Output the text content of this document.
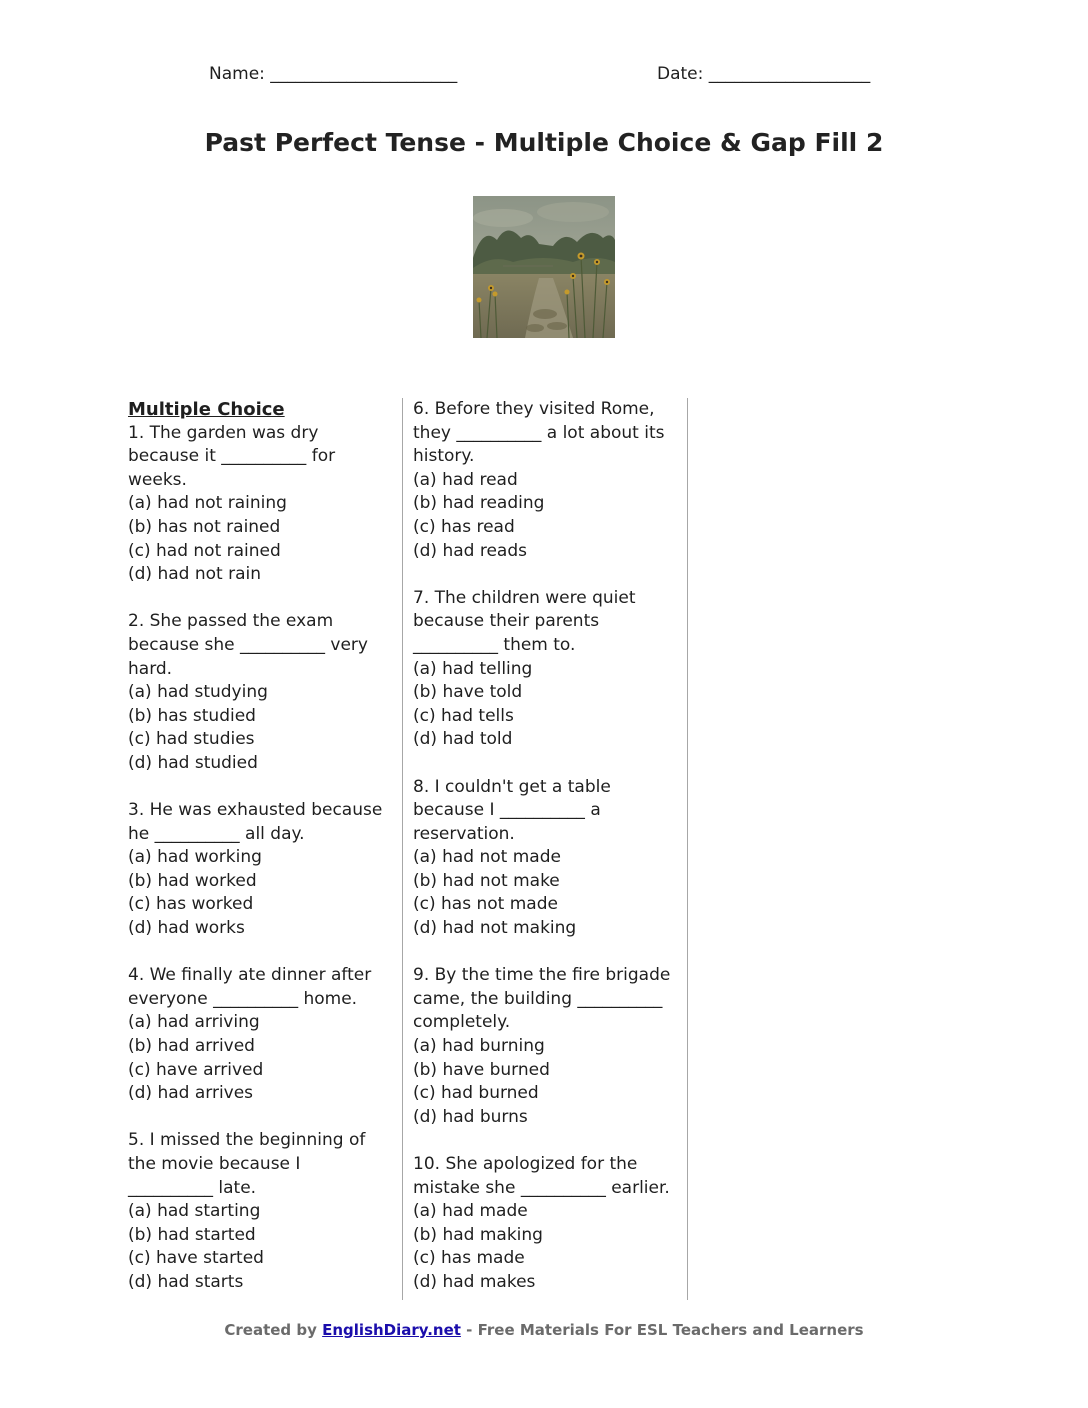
Name: ______________________	Date: ___________________
Past Perfect Tense - Multiple Choice & Gap Fill 2
Multiple Choice
1. The garden was dry because it __________ for weeks.
(a) had not raining
(b) has not rained
(c) had not rained
(d) had not rain
2. She passed the exam because she __________ very hard.
(a) had studying
(b) has studied
(c) had studies
(d) had studied
3. He was exhausted because he __________ all day.
(a) had working
(b) had worked
(c) has worked
(d) had works
4. We finally ate dinner after everyone __________ home.
(a) had arriving
(b) had arrived
(c) have arrived
(d) had arrives
5. I missed the beginning of the movie because I __________ late.
(a) had starting
(b) had started
(c) have started
(d) had starts
6. Before they visited Rome, they __________ a lot about its history.
(a) had read
(b) had reading
(c) has read
(d) had reads
7. The children were quiet because their parents __________ them to.
(a) had telling
(b) have told
(c) had tells
(d) had told
8. I couldn't get a table because I __________ a reservation.
(a) had not made
(b) had not make
(c) has not made
(d) had not making
9. By the time the fire brigade came, the building __________ completely.
(a) had burning
(b) have burned
(c) had burned
(d) had burns
10. She apologized for the mistake she __________ earlier.
(a) had made
(b) had making
(c) has made
(d) had makes
Created by EnglishDiary.net - Free Materials For ESL Teachers and Learners
